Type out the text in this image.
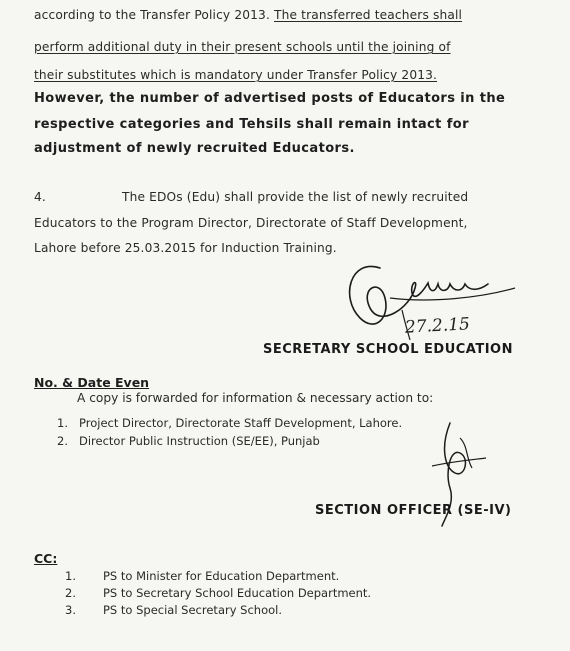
according to the Transfer Policy 2013. The transferred teachers shall
perform additional duty in their present schools until the joining of
their substitutes which is mandatory under Transfer Policy 2013.
However, the number of advertised posts of Educators in the
respective categories and Tehsils shall remain intact for
adjustment of newly recruited Educators.
4.	The EDOs (Edu) shall provide the list of newly recruited
Educators to the Program Director, Directorate of Staff Development,
Lahore before 25.03.2015 for Induction Training.
27.2.15
SECRETARY SCHOOL EDUCATION
No. & Date Even
A copy is forwarded for information & necessary action to:
1. Project Director, Directorate Staff Development, Lahore.
2. Director Public Instruction (SE/EE), Punjab
SECTION OFFICER (SE-IV)
CC:
1. PS to Minister for Education Department.
2. PS to Secretary School Education Department.
3. PS to Special Secretary School.
